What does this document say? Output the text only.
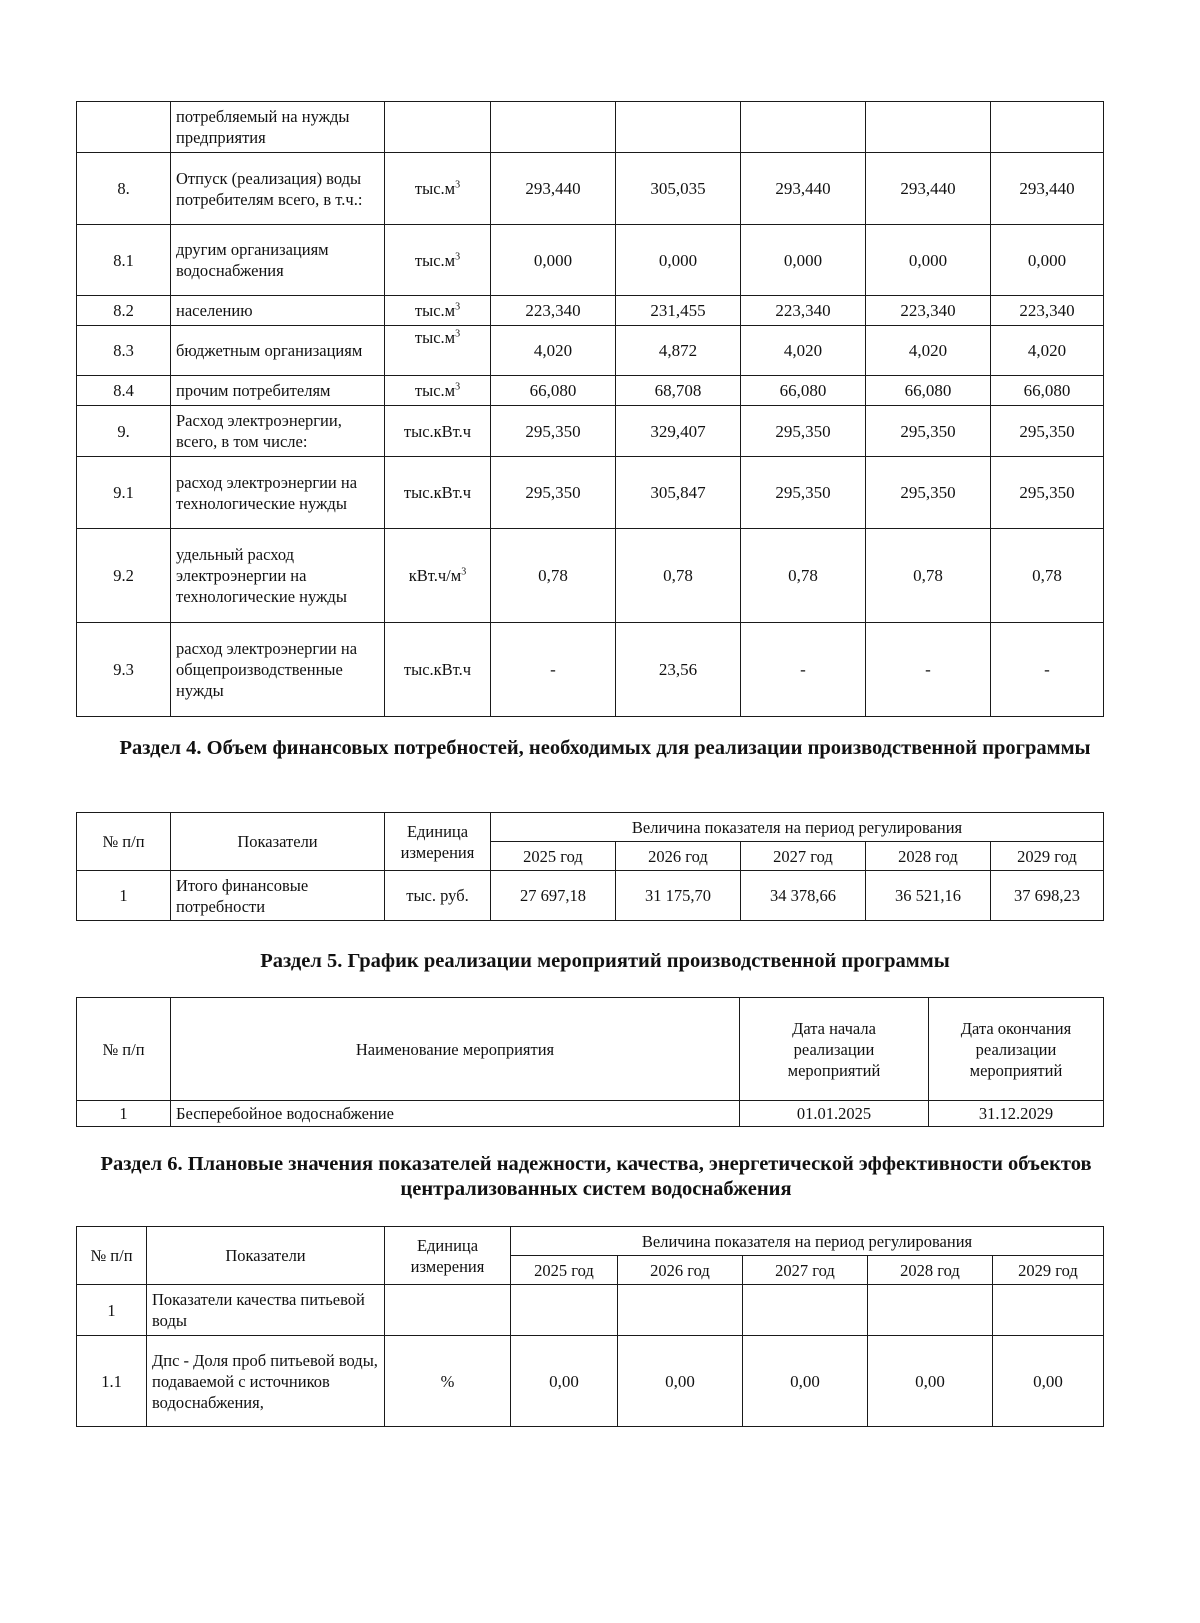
	потребляемый на нужды предприятия						
8.	Отпуск (реализация) воды потребителям всего, в т.ч.:	$тыс.м^3$	293,440	305,035	293,440	293,440	293,440
8.1	другим организациям водоснабжения	$тыс.м^3$	0,000	0,000	0,000	0,000	0,000
8.2	населению	$тыс.м^3$	223,340	231,455	223,340	223,340	223,340
8.3	бюджетным организациям	$тыс.м^3$	4,020	4,872	4,020	4,020	4,020
8.4	прочим потребителям	$тыс.м^3$	66,080	68,708	66,080	66,080	66,080
9.	Расход электроэнергии, всего, в том числе:	тыс.кВт.ч	295,350	329,407	295,350	295,350	295,350
9.1	расход электроэнергии на технологические нужды	тыс.кВт.ч	295,350	305,847	295,350	295,350	295,350
9.2	удельный расход электроэнергии на технологические нужды	$кВт.ч/м^3$	0,78	0,78	0,78	0,78	0,78
9.3	расход электроэнергии на общепроизводственные нужды	тыс.кВт.ч	-	23,56	-	-	-
Раздел 4. Объем финансовых потребностей, необходимых для реализации производственной программы
№ п/п	Показатели	Единица измерения	Величина показателя на период регулирования				
			2025 год	2026 год	2027 год	2028 год	2029 год
1	Итого финансовые потребности	тыс. руб.	27 697,18	31 175,70	34 378,66	36 521,16	37 698,23
Раздел 5. График реализации мероприятий производственной программы
№ п/п	Наименование мероприятия	Дата начала реализации мероприятий	Дата окончания реализации мероприятий
1	Бесперебойное водоснабжение	01.01.2025	31.12.2029
Раздел 6. Плановые значения показателей надежности, качества, энергетической эффективности объектов централизованных систем водоснабжения
№ п/п	Показатели	Единица измерения	Величина показателя на период регулирования				
			2025 год	2026 год	2027 год	2028 год	2029 год
1	Показатели качества питьевой воды						
1.1	Дпс - Доля проб питьевой воды, подаваемой с источников водоснабжения,	%	0,00	0,00	0,00	0,00	0,00
